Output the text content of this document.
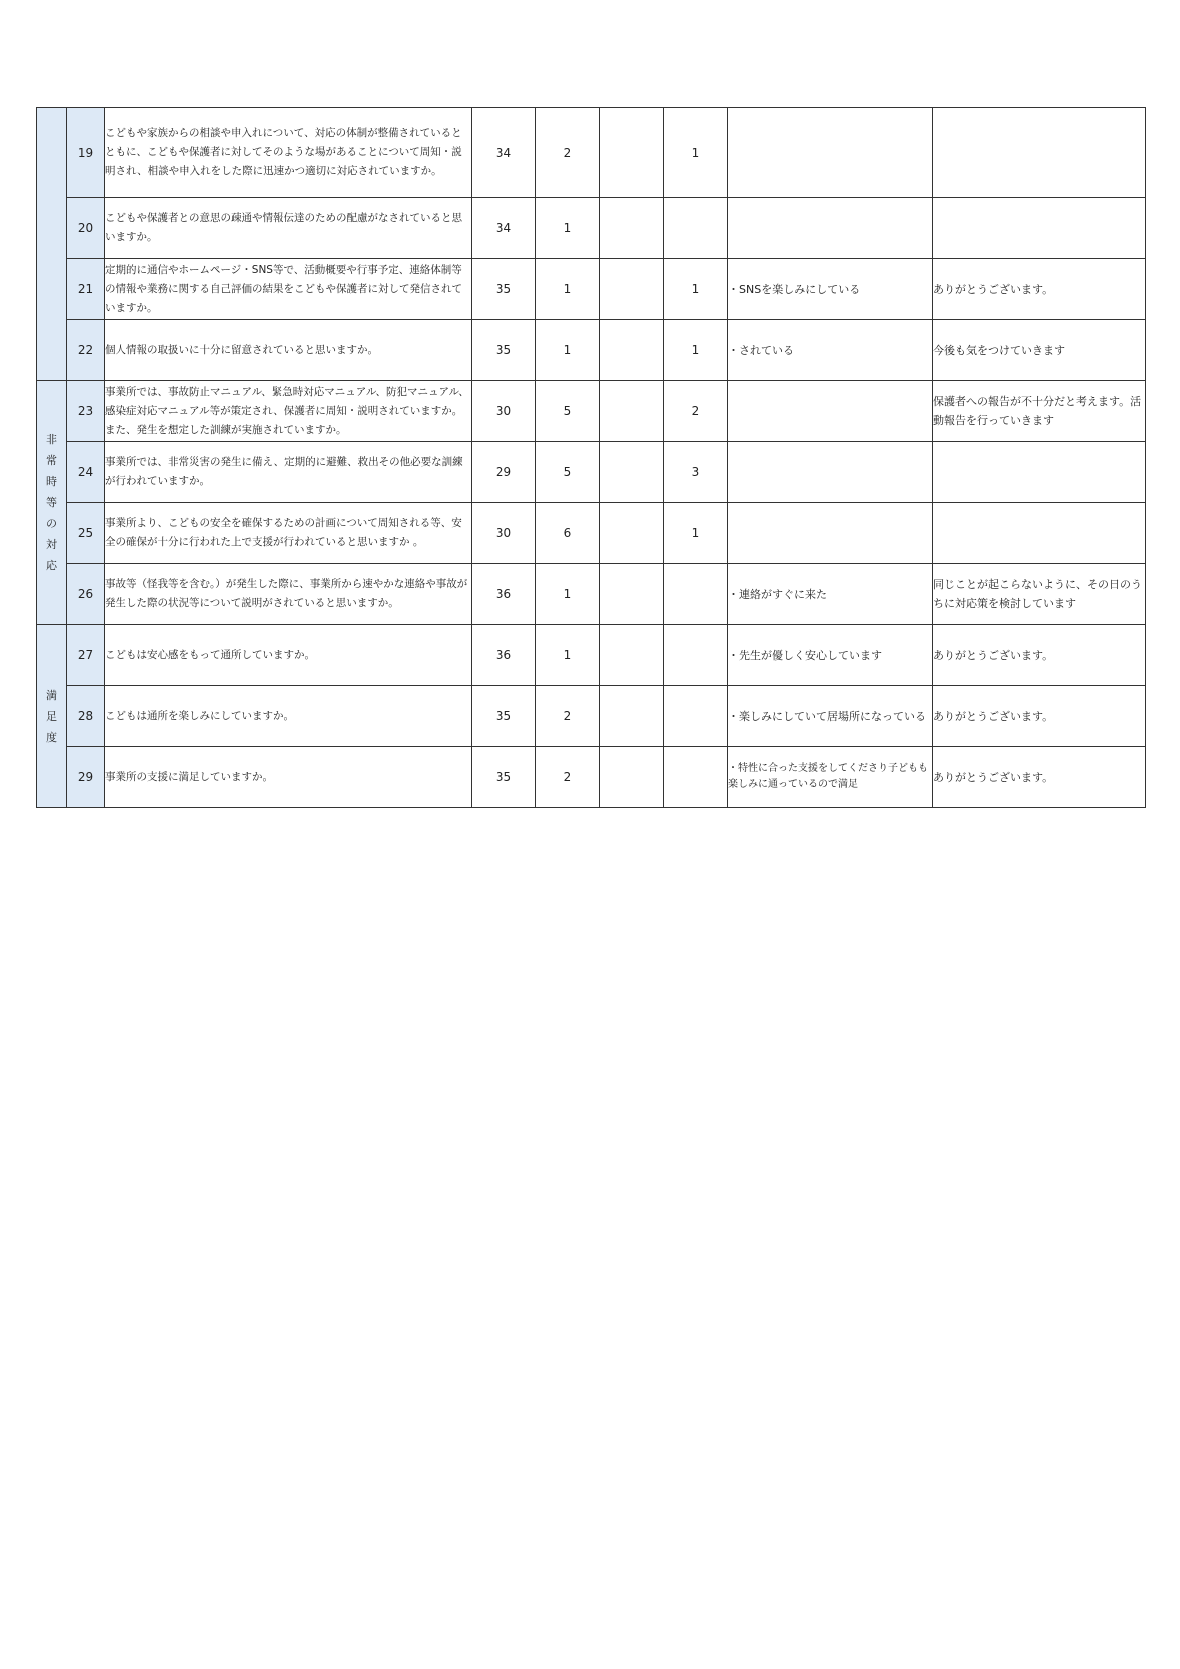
	19	こどもや家族からの相談や申入れについて、対応の体制が整備されているとともに、こどもや保護者に対してそのような場があることについて周知・説明され、相談や申入れをした際に迅速かつ適切に対応されていますか。	34	2		1		
	20	こどもや保護者との意思の疎通や情報伝達のための配慮がなされていると思いますか。	34	1				
	21	定期的に通信やホームページ・SNS等で、活動概要や行事予定、連絡体制等の情報や業務に関する自己評価の結果をこどもや保護者に対して発信されていますか。	35	1		1	・SNSを楽しみにしている	ありがとうございます。
	22	個人情報の取扱いに十分に留意されていると思いますか。	35	1		1	・されている	今後も気をつけていきます
非常時等の対応	23	事業所では、事故防止マニュアル、緊急時対応マニュアル、防犯マニュアル、感染症対応マニュアル等が策定され、保護者に周知・説明されていますか。また、発生を想定した訓練が実施されていますか。	30	5		2		保護者への報告が不十分だと考えます。活動報告を行っていきます
	24	事業所では、非常災害の発生に備え、定期的に避難、救出その他必要な訓練が行われていますか。	29	5		3		
	25	事業所より、こどもの安全を確保するための計画について周知される等、安全の確保が十分に行われた上で支援が行われていると思いますか 。	30	6		1		
	26	事故等（怪我等を含む。）が発生した際に、事業所から速やかな連絡や事故が発生した際の状況等について説明がされていると思いますか。	36	1			・連絡がすぐに来た	同じことが起こらないように、その日のうちに対応策を検討しています
満足度	27	こどもは安心感をもって通所していますか。	36	1			・先生が優しく安心しています	ありがとうございます。
	28	こどもは通所を楽しみにしていますか。	35	2			・楽しみにしていて居場所になっている	ありがとうございます。
	29	事業所の支援に満足していますか。	35	2			・特性に合った支援をしてくださり子どもも楽しみに通っているので満足	ありがとうございます。
